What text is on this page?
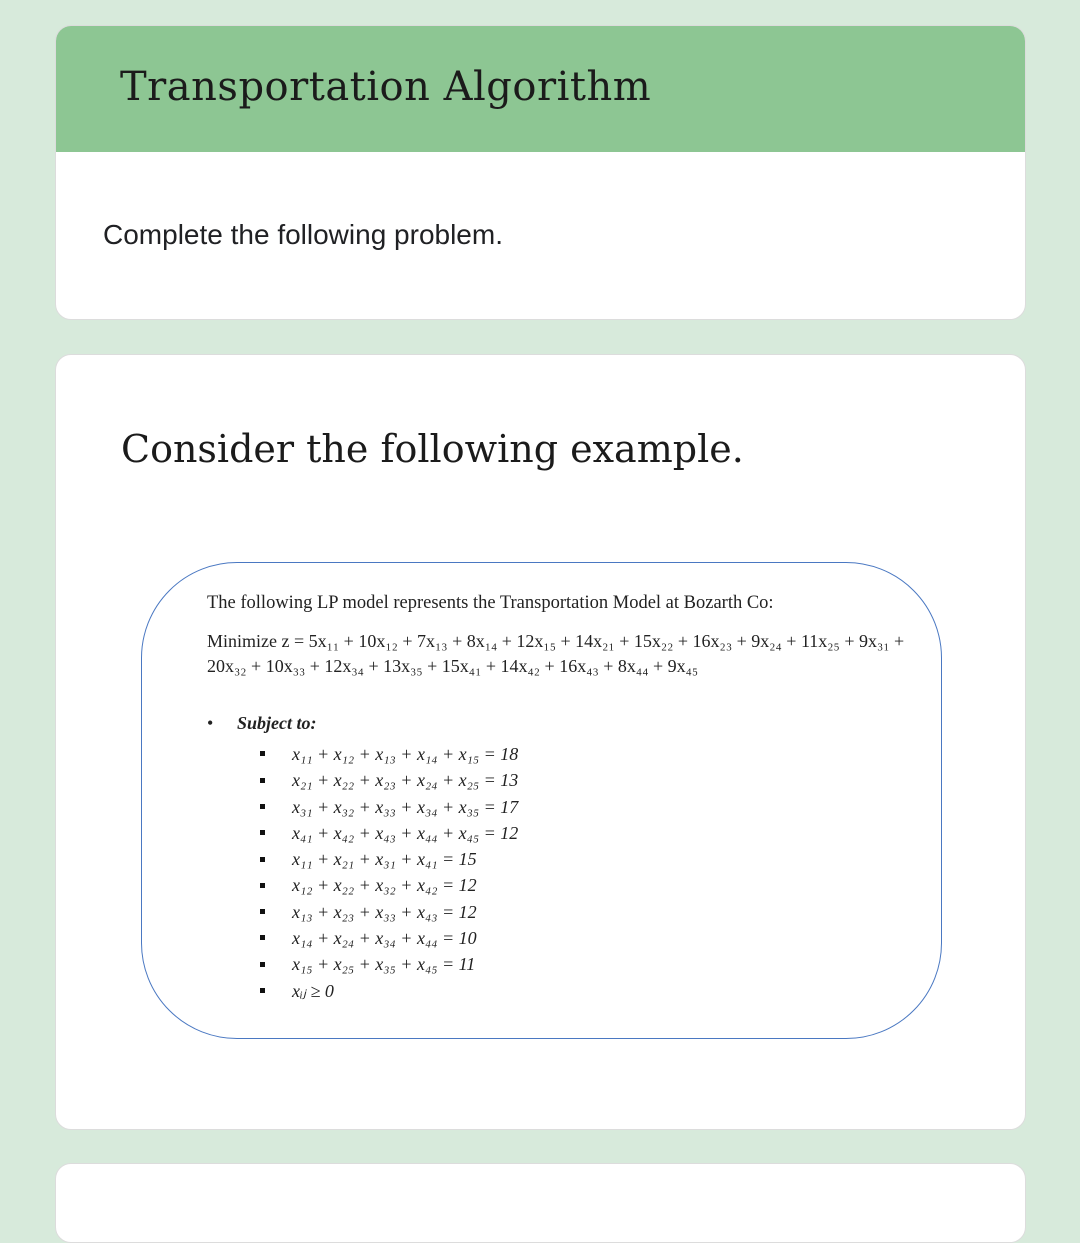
Transportation Algorithm

Complete the following problem.

Consider the following example.

The following LP model represents the Transportation Model at Bozarth Co:

Minimize z = 5x₁₁ + 10x₁₂ + 7x₁₃ + 8x₁₄ + 12x₁₅ + 14x₂₁ + 15x₂₂ + 16x₂₃ + 9x₂₄ + 11x₂₅ + 9x₃₁ + 20x₃₂ + 10x₃₃ + 12x₃₄ + 13x₃₅ + 15x₄₁ + 14x₄₂ + 16x₄₃ + 8x₄₄ + 9x₄₅

• Subject to:

x₁₁ + x₁₂ + x₁₃ + x₁₄ + x₁₅ = 18
x₂₁ + x₂₂ + x₂₃ + x₂₄ + x₂₅ = 13
x₃₁ + x₃₂ + x₃₃ + x₃₄ + x₃₅ = 17
x₄₁ + x₄₂ + x₄₃ + x₄₄ + x₄₅ = 12
x₁₁ + x₂₁ + x₃₁ + x₄₁ = 15
x₁₂ + x₂₂ + x₃₂ + x₄₂ = 12
x₁₃ + x₂₃ + x₃₃ + x₄₃ = 12
x₁₄ + x₂₄ + x₃₄ + x₄₄ = 10
x₁₅ + x₂₅ + x₃₅ + x₄₅ = 11
xᵢⱼ ≥ 0
